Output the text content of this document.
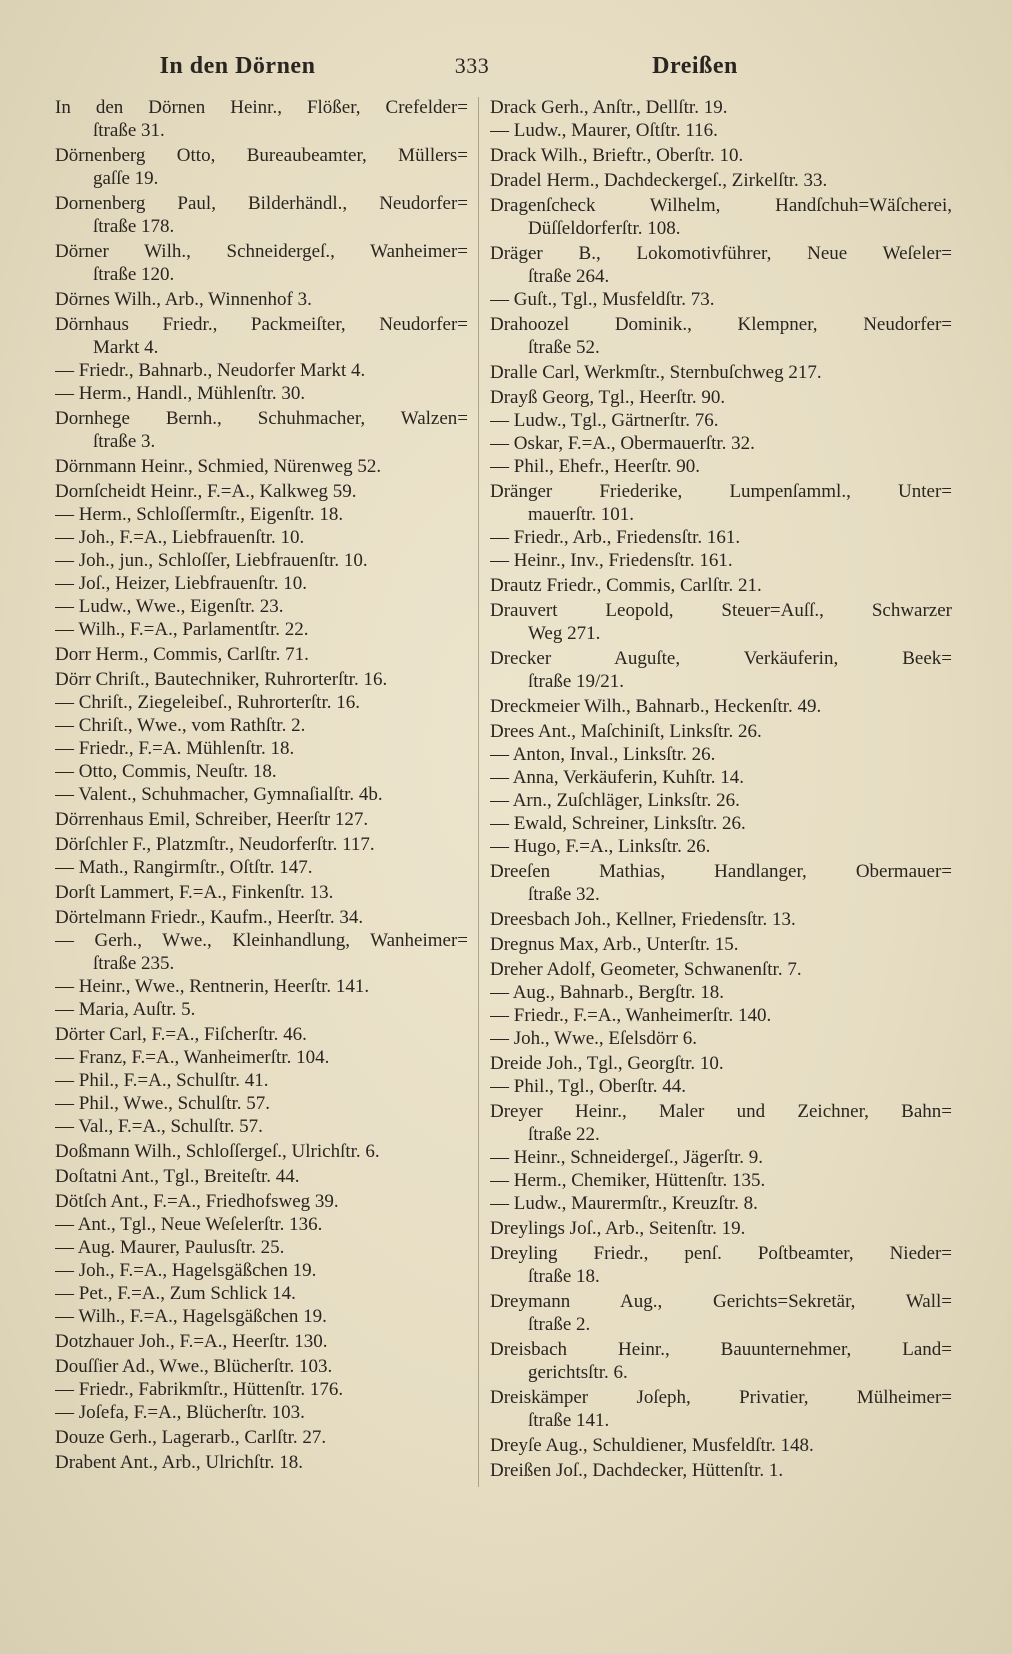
In den Dörnen	333	Dreißen
In den Dörnen Heinr., Flößer, Crefelder=
ſtraße 31.
Dörnenberg Otto, Bureaubeamter, Müllers=
gaſſe 19.
Dornenberg Paul, Bilderhändl., Neudorfer=
ſtraße 178.
Dörner Wilh., Schneidergeſ., Wanheimer=
ſtraße 120.
Dörnes Wilh., Arb., Winnenhof 3.
Dörnhaus Friedr., Packmeiſter, Neudorfer=
Markt 4.
— Friedr., Bahnarb., Neudorfer Markt 4.
— Herm., Handl., Mühlenſtr. 30.
Dornhege Bernh., Schuhmacher, Walzen=
ſtraße 3.
Dörnmann Heinr., Schmied, Nürenweg 52.
Dornſcheidt Heinr., F.=A., Kalkweg 59.
— Herm., Schloſſermſtr., Eigenſtr. 18.
— Joh., F.=A., Liebfrauenſtr. 10.
— Joh., jun., Schloſſer, Liebfrauenſtr. 10.
— Joſ., Heizer, Liebfrauenſtr. 10.
— Ludw., Wwe., Eigenſtr. 23.
— Wilh., F.=A., Parlamentſtr. 22.
Dorr Herm., Commis, Carlſtr. 71.
Dörr Chriſt., Bautechniker, Ruhrorterſtr. 16.
— Chriſt., Ziegeleibeſ., Ruhrorterſtr. 16.
— Chriſt., Wwe., vom Rathſtr. 2.
— Friedr., F.=A. Mühlenſtr. 18.
— Otto, Commis, Neuſtr. 18.
— Valent., Schuhmacher, Gymnaſialſtr. 4b.
Dörrenhaus Emil, Schreiber, Heerſtr 127.
Dörſchler F., Platzmſtr., Neudorferſtr. 117.
— Math., Rangirmſtr., Oſtſtr. 147.
Dorſt Lammert, F.=A., Finkenſtr. 13.
Dörtelmann Friedr., Kaufm., Heerſtr. 34.
— Gerh., Wwe., Kleinhandlung, Wanheimer=
ſtraße 235.
— Heinr., Wwe., Rentnerin, Heerſtr. 141.
— Maria, Auſtr. 5.
Dörter Carl, F.=A., Fiſcherſtr. 46.
— Franz, F.=A., Wanheimerſtr. 104.
— Phil., F.=A., Schulſtr. 41.
— Phil., Wwe., Schulſtr. 57.
— Val., F.=A., Schulſtr. 57.
Doßmann Wilh., Schloſſergeſ., Ulrichſtr. 6.
Doſtatni Ant., Tgl., Breiteſtr. 44.
Dötſch Ant., F.=A., Friedhofsweg 39.
— Ant., Tgl., Neue Weſelerſtr. 136.
— Aug. Maurer, Paulusſtr. 25.
— Joh., F.=A., Hagelsgäßchen 19.
— Pet., F.=A., Zum Schlick 14.
— Wilh., F.=A., Hagelsgäßchen 19.
Dotzhauer Joh., F.=A., Heerſtr. 130.
Douſſier Ad., Wwe., Blücherſtr. 103.
— Friedr., Fabrikmſtr., Hüttenſtr. 176.
— Joſefa, F.=A., Blücherſtr. 103.
Douze Gerh., Lagerarb., Carlſtr. 27.
Drabent Ant., Arb., Ulrichſtr. 18.
Drack Gerh., Anſtr., Dellſtr. 19.
— Ludw., Maurer, Oſtſtr. 116.
Drack Wilh., Brieftr., Oberſtr. 10.
Dradel Herm., Dachdeckergeſ., Zirkelſtr. 33.
Dragenſcheck Wilhelm, Handſchuh=Wäſcherei,
Düſſeldorferſtr. 108.
Dräger B., Lokomotivführer, Neue Weſeler=
ſtraße 264.
— Guſt., Tgl., Musfeldſtr. 73.
Drahoozel Dominik., Klempner, Neudorfer=
ſtraße 52.
Dralle Carl, Werkmſtr., Sternbuſchweg 217.
Drayß Georg, Tgl., Heerſtr. 90.
— Ludw., Tgl., Gärtnerſtr. 76.
— Oskar, F.=A., Obermauerſtr. 32.
— Phil., Ehefr., Heerſtr. 90.
Dränger Friederike, Lumpenſamml., Unter=
mauerſtr. 101.
— Friedr., Arb., Friedensſtr. 161.
— Heinr., Inv., Friedensſtr. 161.
Drautz Friedr., Commis, Carlſtr. 21.
Drauvert Leopold, Steuer=Auſſ., Schwarzer
Weg 271.
Drecker Auguſte, Verkäuferin, Beek=
ſtraße 19/21.
Dreckmeier Wilh., Bahnarb., Heckenſtr. 49.
Drees Ant., Maſchiniſt, Linksſtr. 26.
— Anton, Inval., Linksſtr. 26.
— Anna, Verkäuferin, Kuhſtr. 14.
— Arn., Zuſchläger, Linksſtr. 26.
— Ewald, Schreiner, Linksſtr. 26.
— Hugo, F.=A., Linksſtr. 26.
Dreeſen Mathias, Handlanger, Obermauer=
ſtraße 32.
Dreesbach Joh., Kellner, Friedensſtr. 13.
Dregnus Max, Arb., Unterſtr. 15.
Dreher Adolf, Geometer, Schwanenſtr. 7.
— Aug., Bahnarb., Bergſtr. 18.
— Friedr., F.=A., Wanheimerſtr. 140.
— Joh., Wwe., Eſelsdörr 6.
Dreide Joh., Tgl., Georgſtr. 10.
— Phil., Tgl., Oberſtr. 44.
Dreyer Heinr., Maler und Zeichner, Bahn=
ſtraße 22.
— Heinr., Schneidergeſ., Jägerſtr. 9.
— Herm., Chemiker, Hüttenſtr. 135.
— Ludw., Maurermſtr., Kreuzſtr. 8.
Dreylings Joſ., Arb., Seitenſtr. 19.
Dreyling Friedr., penſ. Poſtbeamter, Nieder=
ſtraße 18.
Dreymann Aug., Gerichts=Sekretär, Wall=
ſtraße 2.
Dreisbach Heinr., Bauunternehmer, Land=
gerichtsſtr. 6.
Dreiskämper Joſeph, Privatier, Mülheimer=
ſtraße 141.
Dreyſe Aug., Schuldiener, Musfeldſtr. 148.
Dreißen Joſ., Dachdecker, Hüttenſtr. 1.
